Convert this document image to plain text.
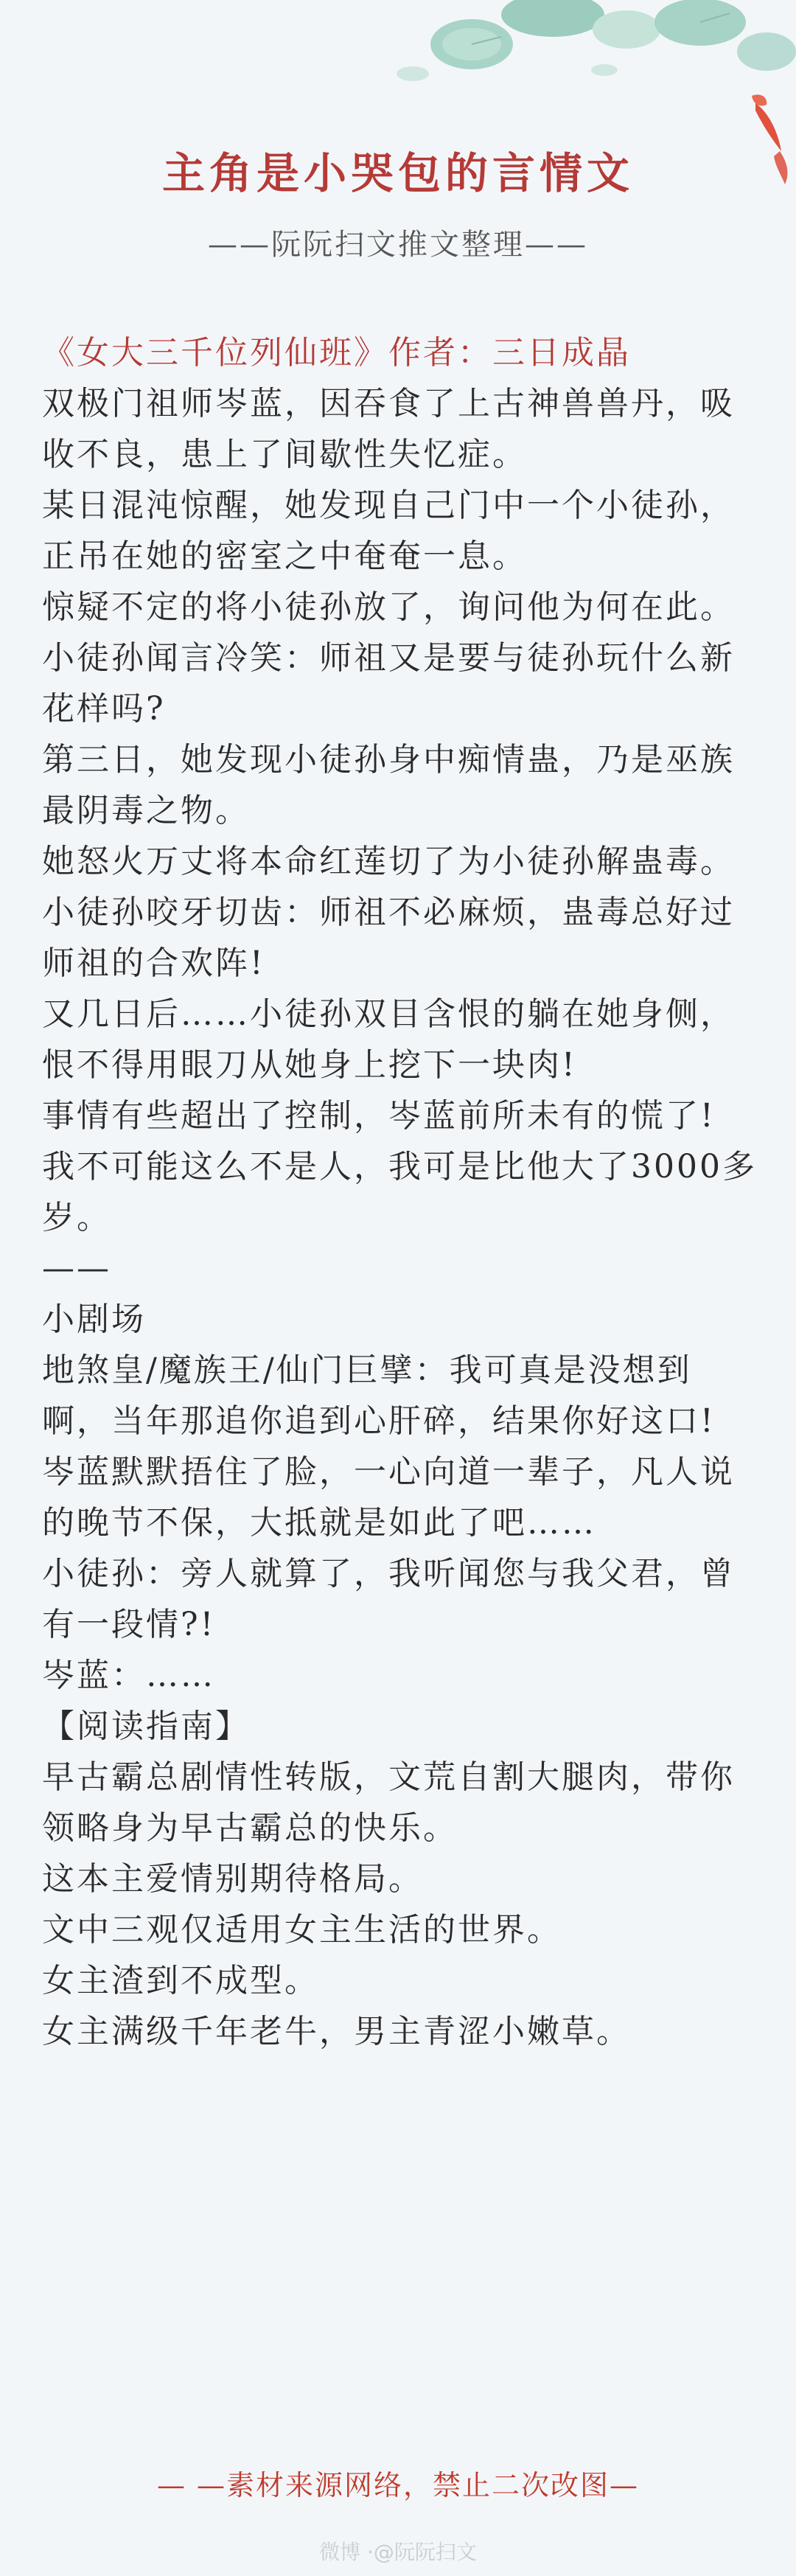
主角是小哭包的言情文
——阮阮扫文推文整理——

《女大三千位列仙班》作者：三日成晶

双极门祖师岑蓝，因吞食了上古神兽兽丹，吸收不良，患上了间歇性失忆症。

某日混沌惊醒，她发现自己门中一个小徒孙，正吊在她的密室之中奄奄一息。

惊疑不定的将小徒孙放了，询问他为何在此。

小徒孙闻言冷笑：师祖又是要与徒孙玩什么新花样吗?

第三日，她发现小徒孙身中痴情蛊，乃是巫族最阴毒之物。

她怒火万丈将本命红莲切了为小徒孙解蛊毒。

小徒孙咬牙切齿：师祖不必麻烦，蛊毒总好过师祖的合欢阵!

又几日后……小徒孙双目含恨的躺在她身侧，恨不得用眼刀从她身上挖下一块肉!

事情有些超出了控制，岑蓝前所未有的慌了!

我不可能这么不是人，我可是比他大了3000多岁。

——

小剧场

地煞皇/魔族王/仙门巨擘：我可真是没想到啊，当年那追你追到心肝碎，结果你好这口!

岑蓝默默捂住了脸，一心向道一辈子，凡人说的晚节不保，大抵就是如此了吧……

小徒孙：旁人就算了，我听闻您与我父君，曾有一段情?!

岑蓝：……

【阅读指南】

早古霸总剧情性转版，文荒自割大腿肉，带你领略身为早古霸总的快乐。

这本主爱情别期待格局。

文中三观仅适用女主生活的世界。

女主渣到不成型。

女主满级千年老牛，男主青涩小嫩草。

— —素材来源网络，禁止二次改图—
微博 ·@阮阮扫文
